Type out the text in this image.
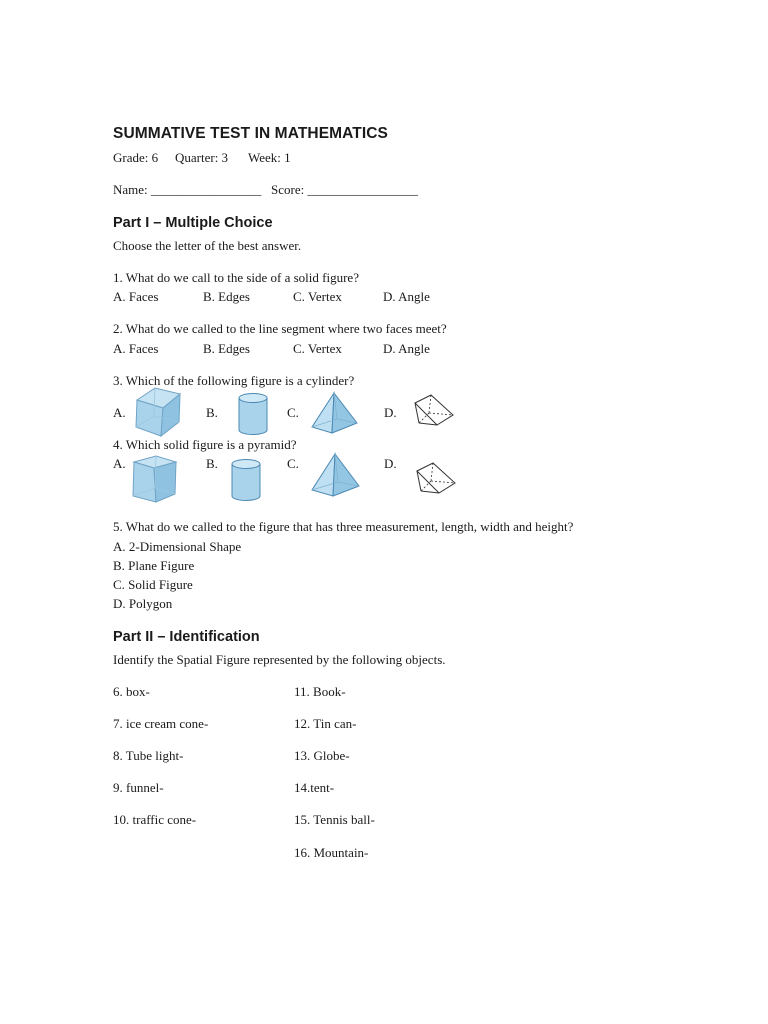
SUMMATIVE TEST IN MATHEMATICS
Grade: 6 Quarter: 3 Week: 1
Name: _________________ Score: _________________
Part I – Multiple Choice
Choose the letter of the best answer.
1. What do we call to the side of a solid figure?
A. Faces	B. Edges	C. Vertex	D. Angle
2. What do we called to the line segment where two faces meet?
A. Faces	B. Edges	C. Vertex	D. Angle
3. Which of the following figure is a cylinder?
A.	B.	C.	D.
4. Which solid figure is a pyramid?
A.	B.	C.	D.
5. What do we called to the figure that has three measurement, length, width and height?
A. 2-Dimensional Shape
B. Plane Figure
C. Solid Figure
D. Polygon
Part II – Identification
Identify the Spatial Figure represented by the following objects.
6. box-
7. ice cream cone-
8. Tube light-
9. funnel-
10. traffic cone-
11. Book-
12. Tin can-
13. Globe-
14.tent-
15. Tennis ball-
16. Mountain-
